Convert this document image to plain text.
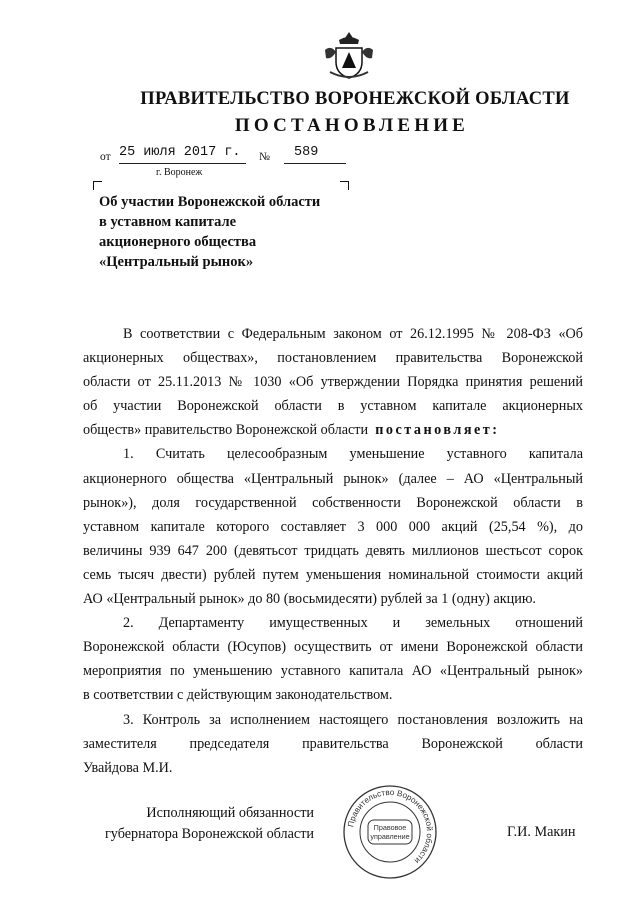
ПРАВИТЕЛЬСТВО ВОРОНЕЖСКОЙ ОБЛАСТИ
ПОСТАНОВЛЕНИЕ
от 25 июля 2017 г.	№	589
г. Воронеж
Об участии Воронежской области
в уставном капитале
акционерного общества
«Центральный рынок»
В соответствии с Федеральным законом от 26.12.1995 № 208-ФЗ «Об
акционерных обществах», постановлением правительства Воронежской
области от 25.11.2013 № 1030 «Об утверждении Порядка принятия решений
об участии Воронежской области в уставном капитале акционерных
обществ» правительство Воронежской области постановляет:
1. Считать целесообразным уменьшение уставного капитала
акционерного общества «Центральный рынок» (далее – АО «Центральный
рынок»), доля государственной собственности Воронежской области в
уставном капитале которого составляет 3 000 000 акций (25,54 %), до
величины 939 647 200 (девятьсот тридцать девять миллионов шестьсот сорок
семь тысяч двести) рублей путем уменьшения номинальной стоимости акций
АО «Центральный рынок» до 80 (восьмидесяти) рублей за 1 (одну) акцию.
2. Департаменту имущественных и земельных отношений
Воронежской области (Юсупов) осуществить от имени Воронежской области
мероприятия по уменьшению уставного капитала АО «Центральный рынок»
в соответствии с действующим законодательством.
3. Контроль за исполнением настоящего постановления возложить на
заместителя председателя правительства Воронежской области
Увайдова М.И.
Исполняющий обязанности
губернатора Воронежской области
Правительство Воронежской области
Правовое
управление	Г.И. Макин
